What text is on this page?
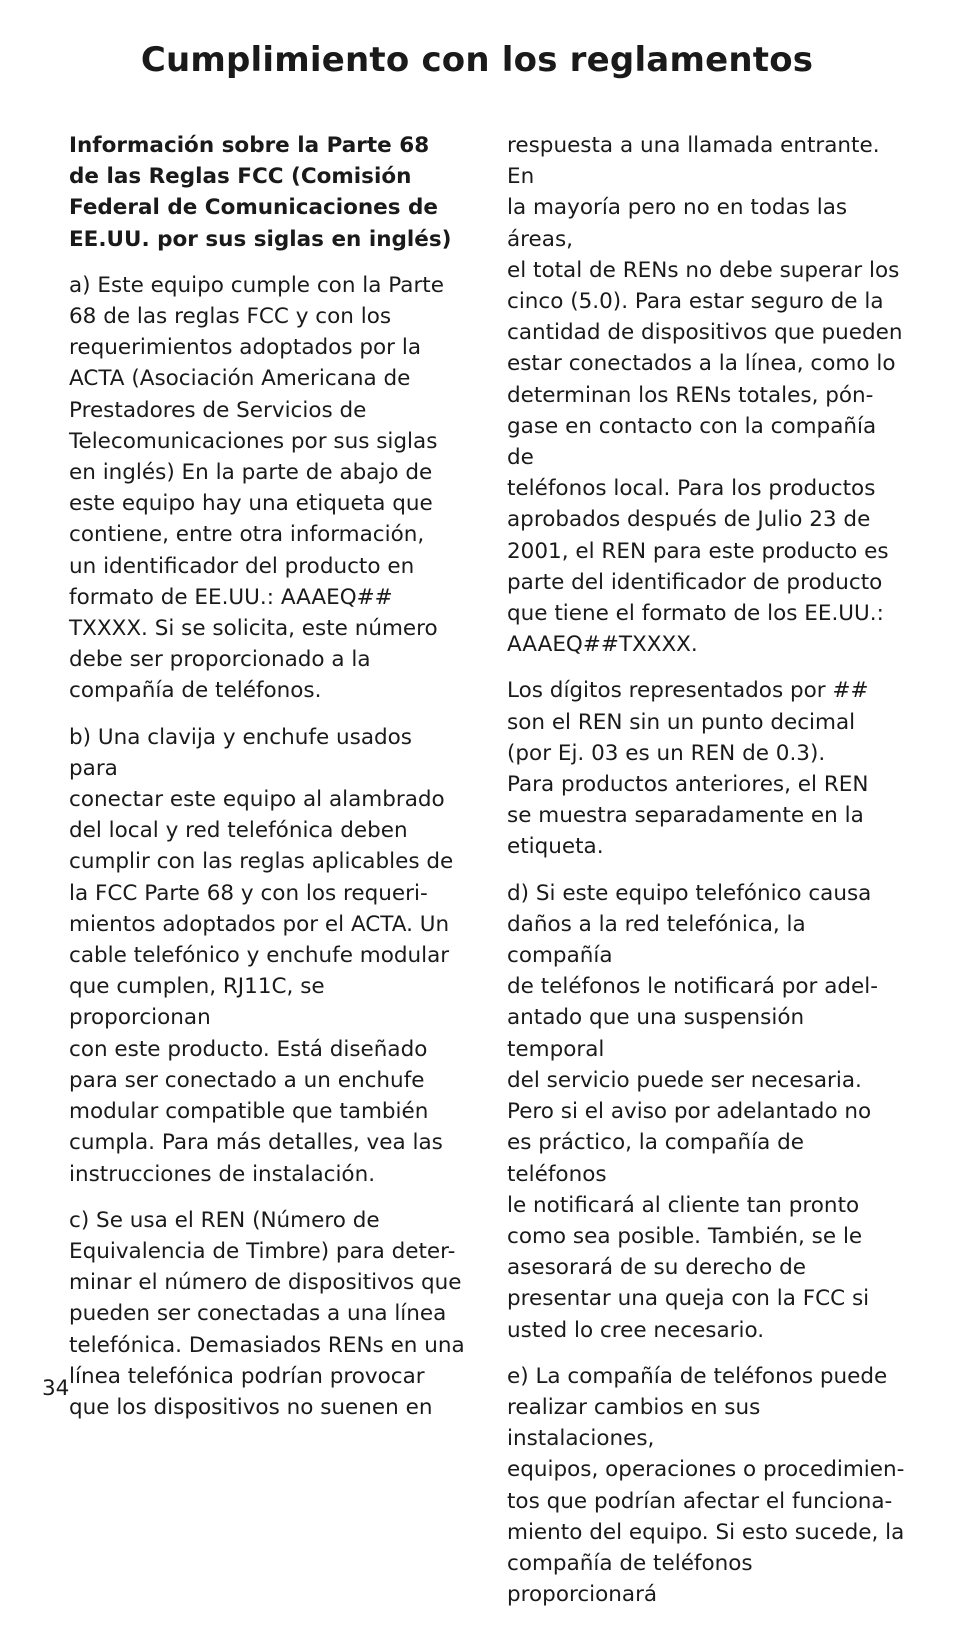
Cumplimiento con los reglamentos

Información sobre la Parte 68
de las Reglas FCC (Comisión
Federal de Comunicaciones de
EE.UU. por sus siglas en inglés)

a) Este equipo cumple con la Parte
68 de las reglas FCC y con los
requerimientos adoptados por la
ACTA (Asociación Americana de
Prestadores de Servicios de
Telecomunicaciones por sus siglas
en inglés) En la parte de abajo de
este equipo hay una etiqueta que
contiene, entre otra información,
un identificador del producto en
formato de EE.UU.: AAAEQ##
TXXXX. Si se solicita, este número
debe ser proporcionado a la
compañía de teléfonos.

b) Una clavija y enchufe usados para
conectar este equipo al alambrado
del local y red telefónica deben
cumplir con las reglas aplicables de
la FCC Parte 68 y con los requeri-
mientos adoptados por el ACTA. Un
cable telefónico y enchufe modular
que cumplen, RJ11C, se proporcionan
con este producto. Está diseñado
para ser conectado a un enchufe
modular compatible que también
cumpla. Para más detalles, vea las
instrucciones de instalación.

c) Se usa el REN (Número de
Equivalencia de Timbre) para deter-
minar el número de dispositivos que
pueden ser conectadas a una línea
telefónica. Demasiados RENs en una
línea telefónica podrían provocar
que los dispositivos no suenen en

respuesta a una llamada entrante. En
la mayoría pero no en todas las áreas,
el total de RENs no debe superar los
cinco (5.0). Para estar seguro de la
cantidad de dispositivos que pueden
estar conectados a la línea, como lo
determinan los RENs totales, pón-
gase en contacto con la compañía de
teléfonos local. Para los productos
aprobados después de Julio 23 de
2001, el REN para este producto es
parte del identificador de producto
que tiene el formato de los EE.UU.:
AAAEQ##TXXXX.

Los dígitos representados por ##
son el REN sin un punto decimal
(por Ej. 03 es un REN de 0.3).
Para productos anteriores, el REN
se muestra separadamente en la
etiqueta.

d) Si este equipo telefónico causa
daños a la red telefónica, la compañía
de teléfonos le notificará por adel-
antado que una suspensión temporal
del servicio puede ser necesaria.
Pero si el aviso por adelantado no
es práctico, la compañía de teléfonos
le notificará al cliente tan pronto
como sea posible. También, se le
asesorará de su derecho de
presentar una queja con la FCC si
usted lo cree necesario.

e) La compañía de teléfonos puede
realizar cambios en sus instalaciones,
equipos, operaciones o procedimien-
tos que podrían afectar el funciona-
miento del equipo. Si esto sucede, la
compañía de teléfonos proporcionará

34
